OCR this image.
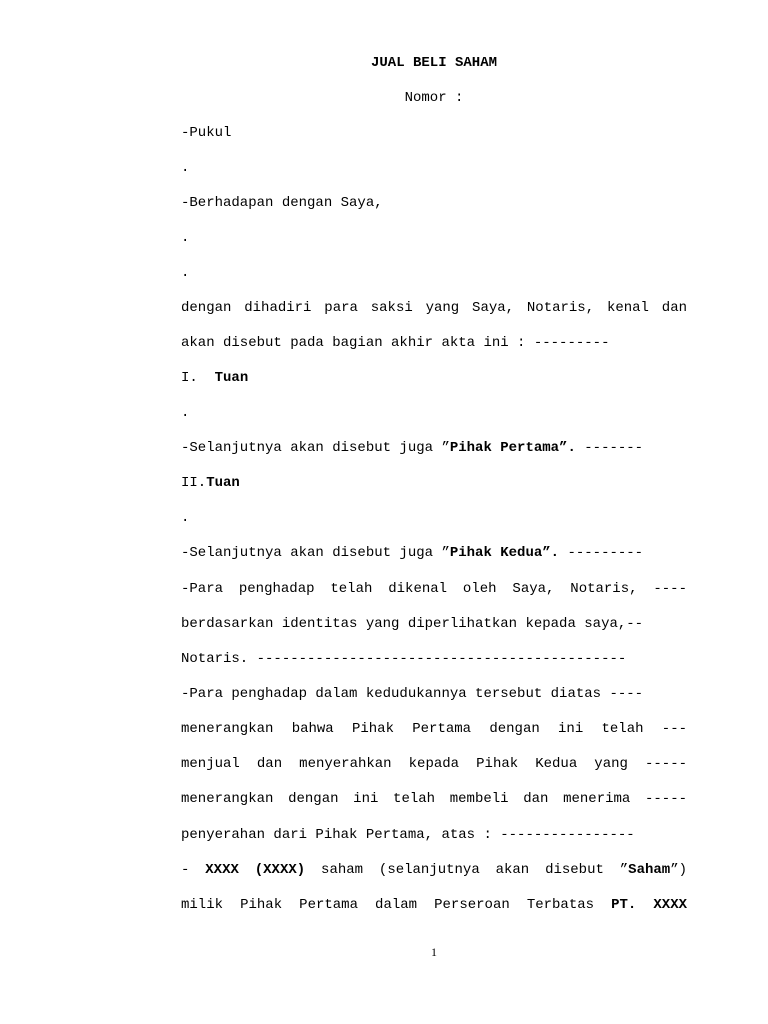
JUAL BELI SAHAM
Nomor :
-Pukul
.
-Berhadapan dengan Saya,
.
.
dengan dihadiri para saksi yang Saya, Notaris, kenal dan
akan disebut pada bagian akhir akta ini : ---------
I. Tuan
.
-Selanjutnya akan disebut juga ”Pihak Pertama”. -------
II.Tuan
.
-Selanjutnya akan disebut juga ”Pihak Kedua”. ---------
-Para penghadap telah dikenal oleh Saya, Notaris, ----
berdasarkan identitas yang diperlihatkan kepada saya,--
Notaris. --------------------------------------------
-Para penghadap dalam kedudukannya tersebut diatas ----
menerangkan bahwa Pihak Pertama dengan ini telah ---
menjual dan menyerahkan kepada Pihak Kedua yang -----
menerangkan dengan ini telah membeli dan menerima -----
penyerahan dari Pihak Pertama, atas : ----------------
- XXXX (XXXX) saham (selanjutnya akan disebut ”Saham”)
milik Pihak Pertama dalam Perseroan Terbatas PT. XXXX
1
